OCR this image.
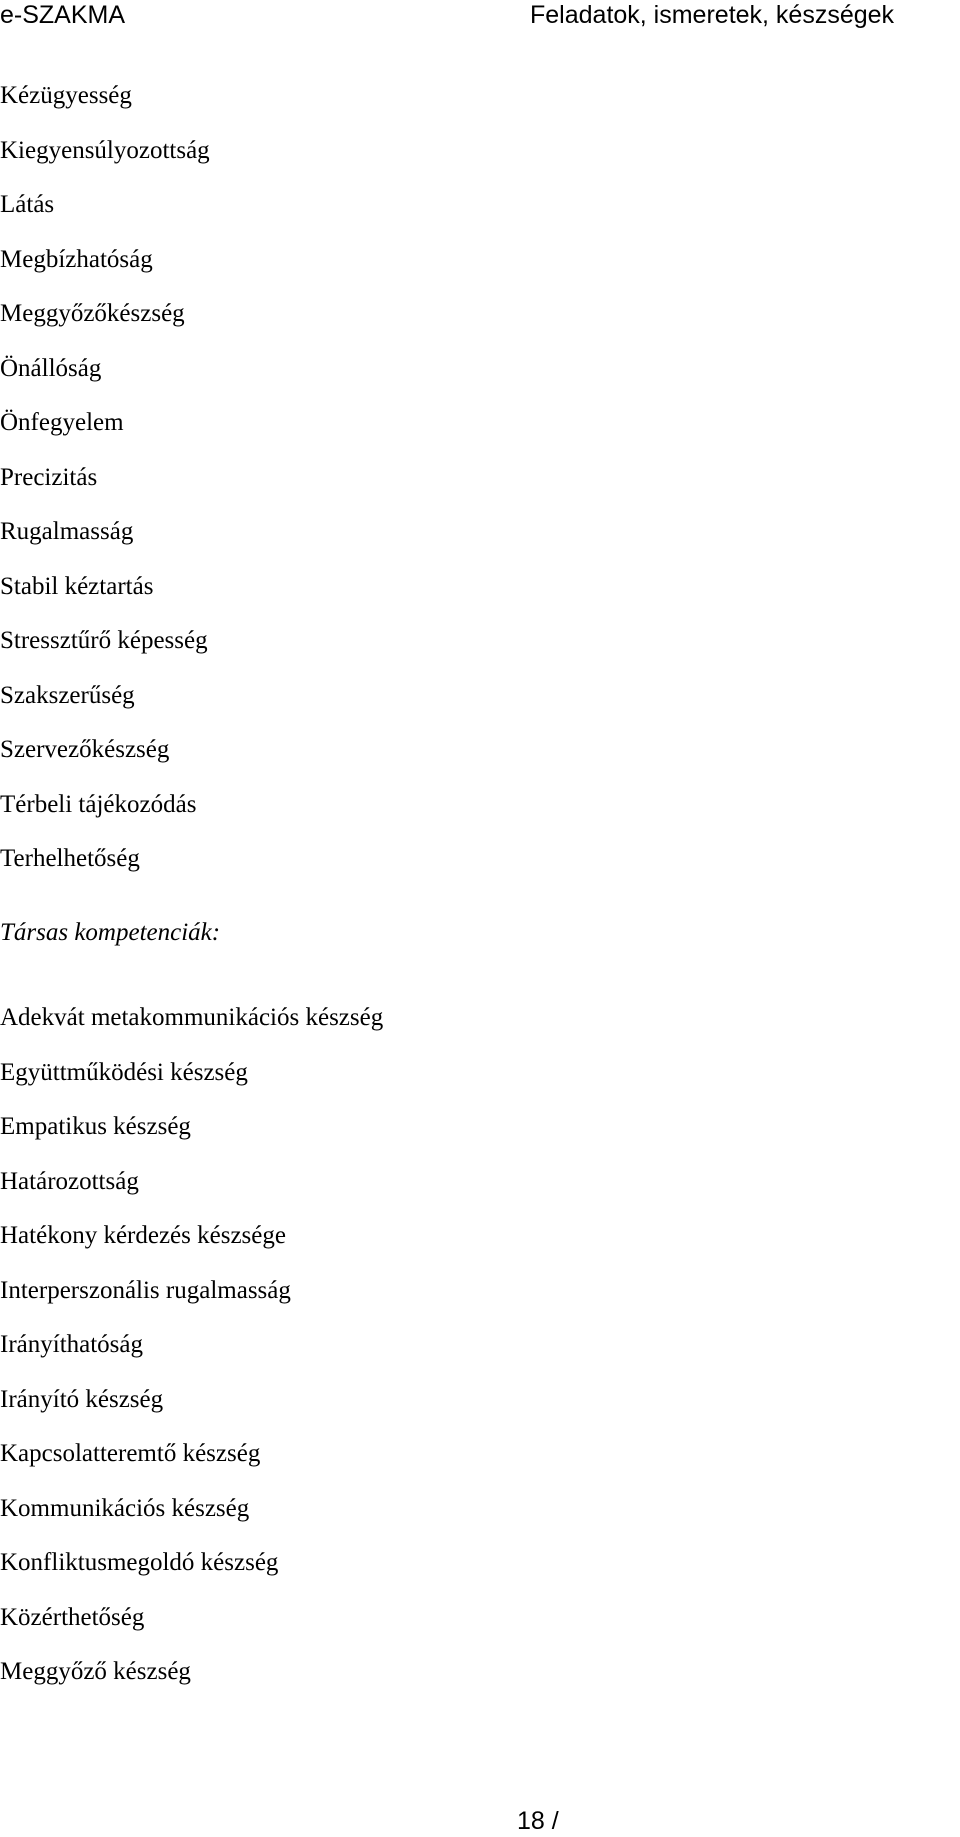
e-SZAKMA	Feladatok, ismeretek, készségek
Kézügyesség
Kiegyensúlyozottság
Látás
Megbízhatóság
Meggyőzőkészség
Önállóság
Önfegyelem
Precizitás
Rugalmasság
Stabil kéztartás
Stressztűrő képesség
Szakszerűség
Szervezőkészség
Térbeli tájékozódás
Terhelhetőség
Társas kompetenciák:
Adekvát metakommunikációs készség
Együttműködési készség
Empatikus készség
Határozottság
Hatékony kérdezés készsége
Interperszonális rugalmasság
Irányíthatóság
Irányító készség
Kapcsolatteremtő készség
Kommunikációs készség
Konfliktusmegoldó készség
Közérthetőség
Meggyőző készség
18 /
